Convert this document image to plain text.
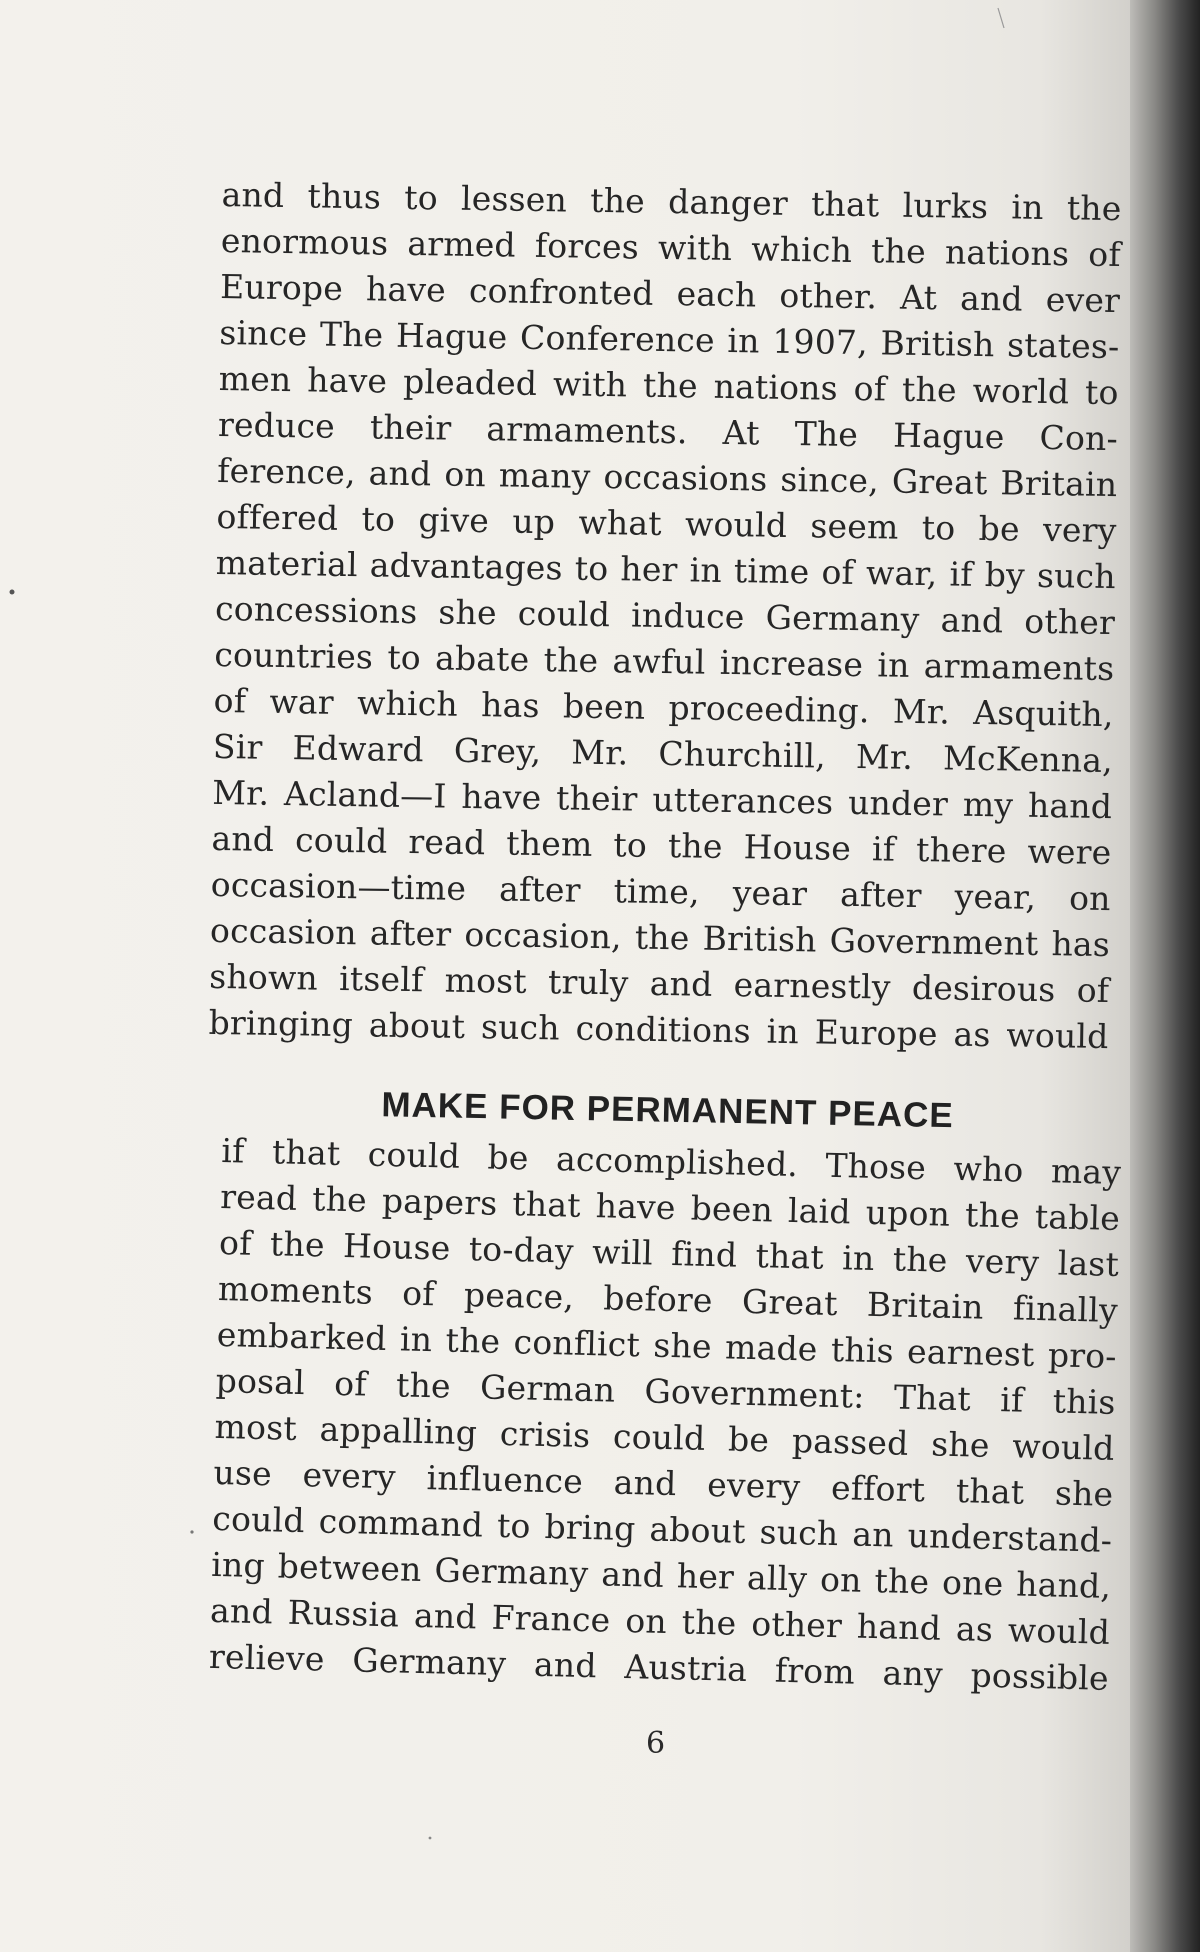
and thus to lessen the danger that lurks in the
enormous armed forces with which the nations of
Europe have confronted each other. At and ever
since The Hague Conference in 1907, British states-
men have pleaded with the nations of the world to
reduce their armaments. At The Hague Con-
ference, and on many occasions since, Great Britain
offered to give up what would seem to be very
material advantages to her in time of war, if by such
concessions she could induce Germany and other
countries to abate the awful increase in armaments
of war which has been proceeding. Mr. Asquith,
Sir Edward Grey, Mr. Churchill, Mr. McKenna,
Mr. Acland—I have their utterances under my hand
and could read them to the House if there were
occasion—time after time, year after year, on
occasion after occasion, the British Government has
shown itself most truly and earnestly desirous of
bringing about such conditions in Europe as would
MAKE FOR PERMANENT PEACE
if that could be accomplished. Those who may
read the papers that have been laid upon the table
of the House to-day will find that in the very last
moments of peace, before Great Britain finally
embarked in the conflict she made this earnest pro-
posal of the German Government: That if this
most appalling crisis could be passed she would
use every influence and every effort that she
could command to bring about such an understand-
ing between Germany and her ally on the one hand,
and Russia and France on the other hand as would
relieve Germany and Austria from any possible
6
